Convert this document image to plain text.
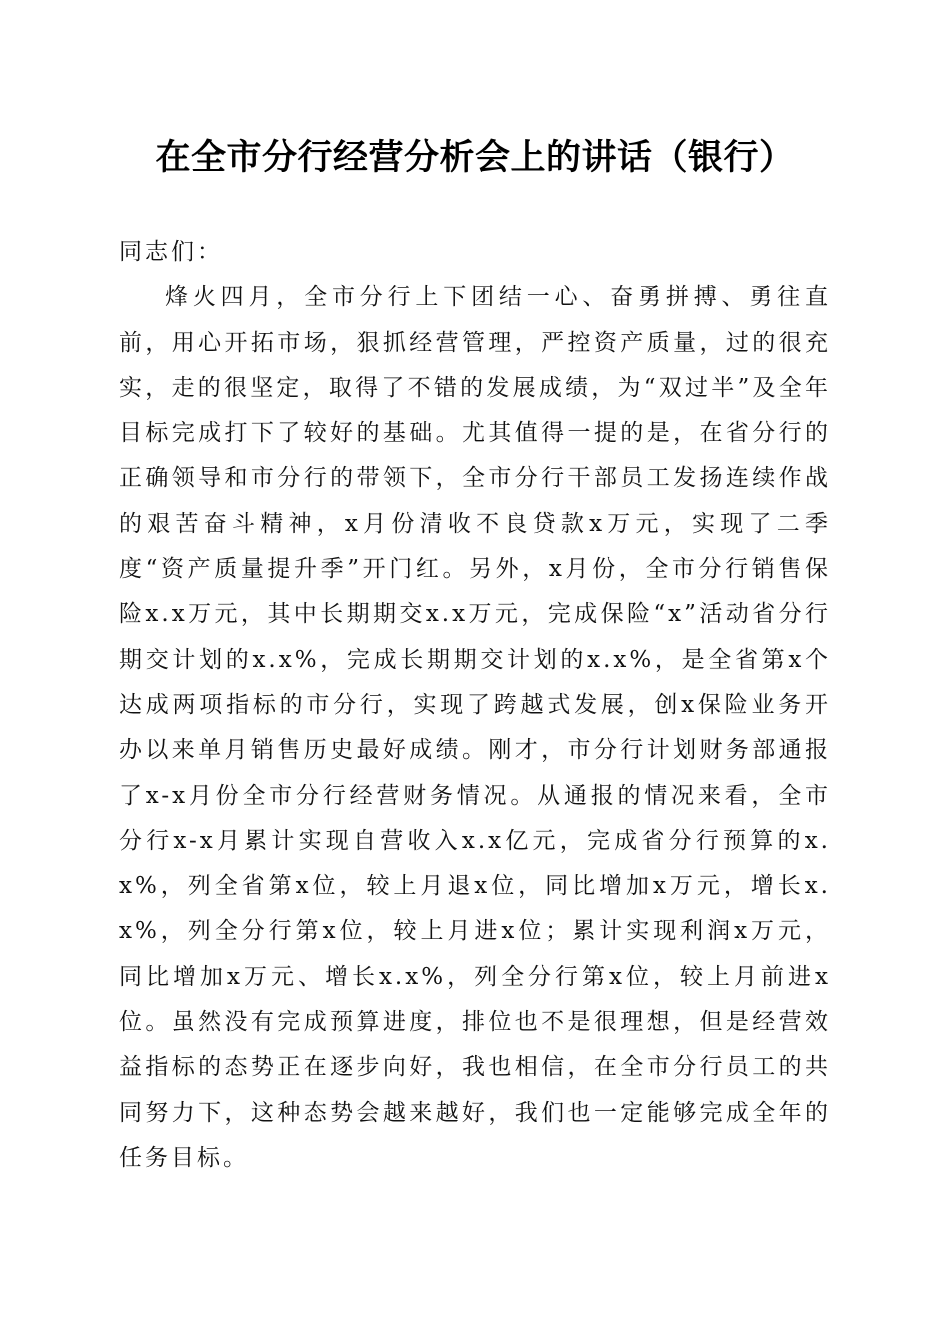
在全市分行经营分析会上的讲话（银行）

同志们：

烽火四月，全市分行上下团结一心、奋勇拼搏、勇往直前，用心开拓市场，狠抓经营管理，严控资产质量，过的很充实，走的很坚定，取得了不错的发展成绩，为“双过半”及全年目标完成打下了较好的基础。尤其值得一提的是，在省分行的正确领导和市分行的带领下，全市分行干部员工发扬连续作战的艰苦奋斗精神，x月份清收不良贷款x万元，实现了二季度“资产质量提升季”开门红。另外，x月份，全市分行销售保险x.x万元，其中长期期交x.x万元，完成保险“x”活动省分行期交计划的x.x%，完成长期期交计划的x.x%，是全省第x个达成两项指标的市分行，实现了跨越式发展，创x保险业务开办以来单月销售历史最好成绩。刚才，市分行计划财务部通报了x-x月份全市分行经营财务情况。从通报的情况来看，全市分行x-x月累计实现自营收入x.x亿元，完成省分行预算的x.x%，列全省第x位，较上月退x位，同比增加x万元，增长x.x%，列全分行第x位，较上月进x位；累计实现利润x万元，同比增加x万元、增长x.x%，列全分行第x位，较上月前进x位。虽然没有完成预算进度，排位也不是很理想，但是经营效益指标的态势正在逐步向好，我也相信，在全市分行员工的共同努力下，这种态势会越来越好，我们也一定能够完成全年的任务目标。
